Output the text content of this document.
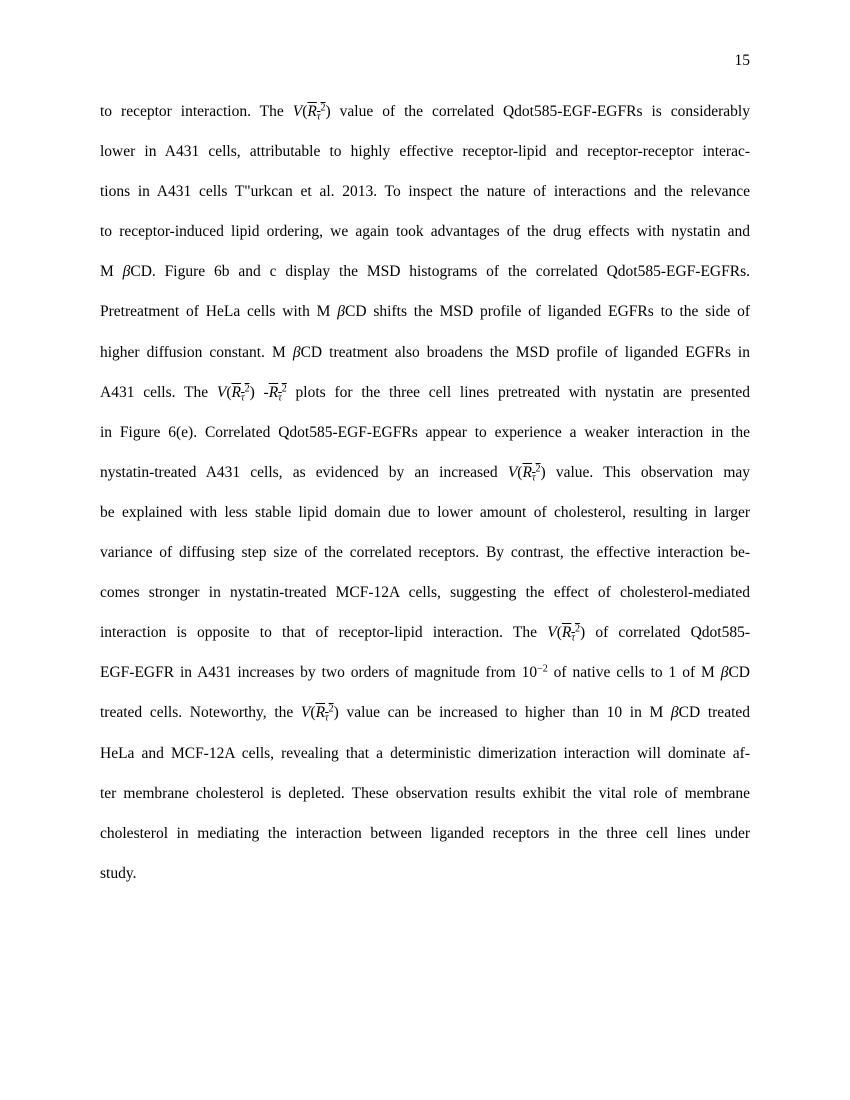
15
to receptor interaction. The $V(R_\tau^2)$ value of the correlated Qdot585-EGF-EGFRs is considerably
lower in A431 cells, attributable to highly effective receptor-lipid and receptor-receptor interac-
tions in A431 cells T"urkcan et al. 2013. To inspect the nature of interactions and the relevance
to receptor-induced lipid ordering, we again took advantages of the drug effects with nystatin and
M βCD. Figure 6b and c display the MSD histograms of the correlated Qdot585-EGF-EGFRs.
Pretreatment of HeLa cells with M βCD shifts the MSD profile of liganded EGFRs to the side of
higher diffusion constant. M βCD treatment also broadens the MSD profile of liganded EGFRs in
A431 cells. The $V(R_\tau^2)$ $-R_\tau^2$ plots for the three cell lines pretreated with nystatin are presented
in Figure 6(e). Correlated Qdot585-EGF-EGFRs appear to experience a weaker interaction in the
nystatin-treated A431 cells, as evidenced by an increased $V(R_\tau^2)$ value. This observation may
be explained with less stable lipid domain due to lower amount of cholesterol, resulting in larger
variance of diffusing step size of the correlated receptors. By contrast, the effective interaction be-
comes stronger in nystatin-treated MCF-12A cells, suggesting the effect of cholesterol-mediated
interaction is opposite to that of receptor-lipid interaction. The $V(R_\tau^2)$ of correlated Qdot585-
EGF-EGFR in A431 increases by two orders of magnitude from $10^{-2}$ of native cells to 1 of M βCD
treated cells. Noteworthy, the $V(R_\tau^2)$ value can be increased to higher than 10 in M βCD treated
HeLa and MCF-12A cells, revealing that a deterministic dimerization interaction will dominate af-
ter membrane cholesterol is depleted. These observation results exhibit the vital role of membrane
cholesterol in mediating the interaction between liganded receptors in the three cell lines under
study.
